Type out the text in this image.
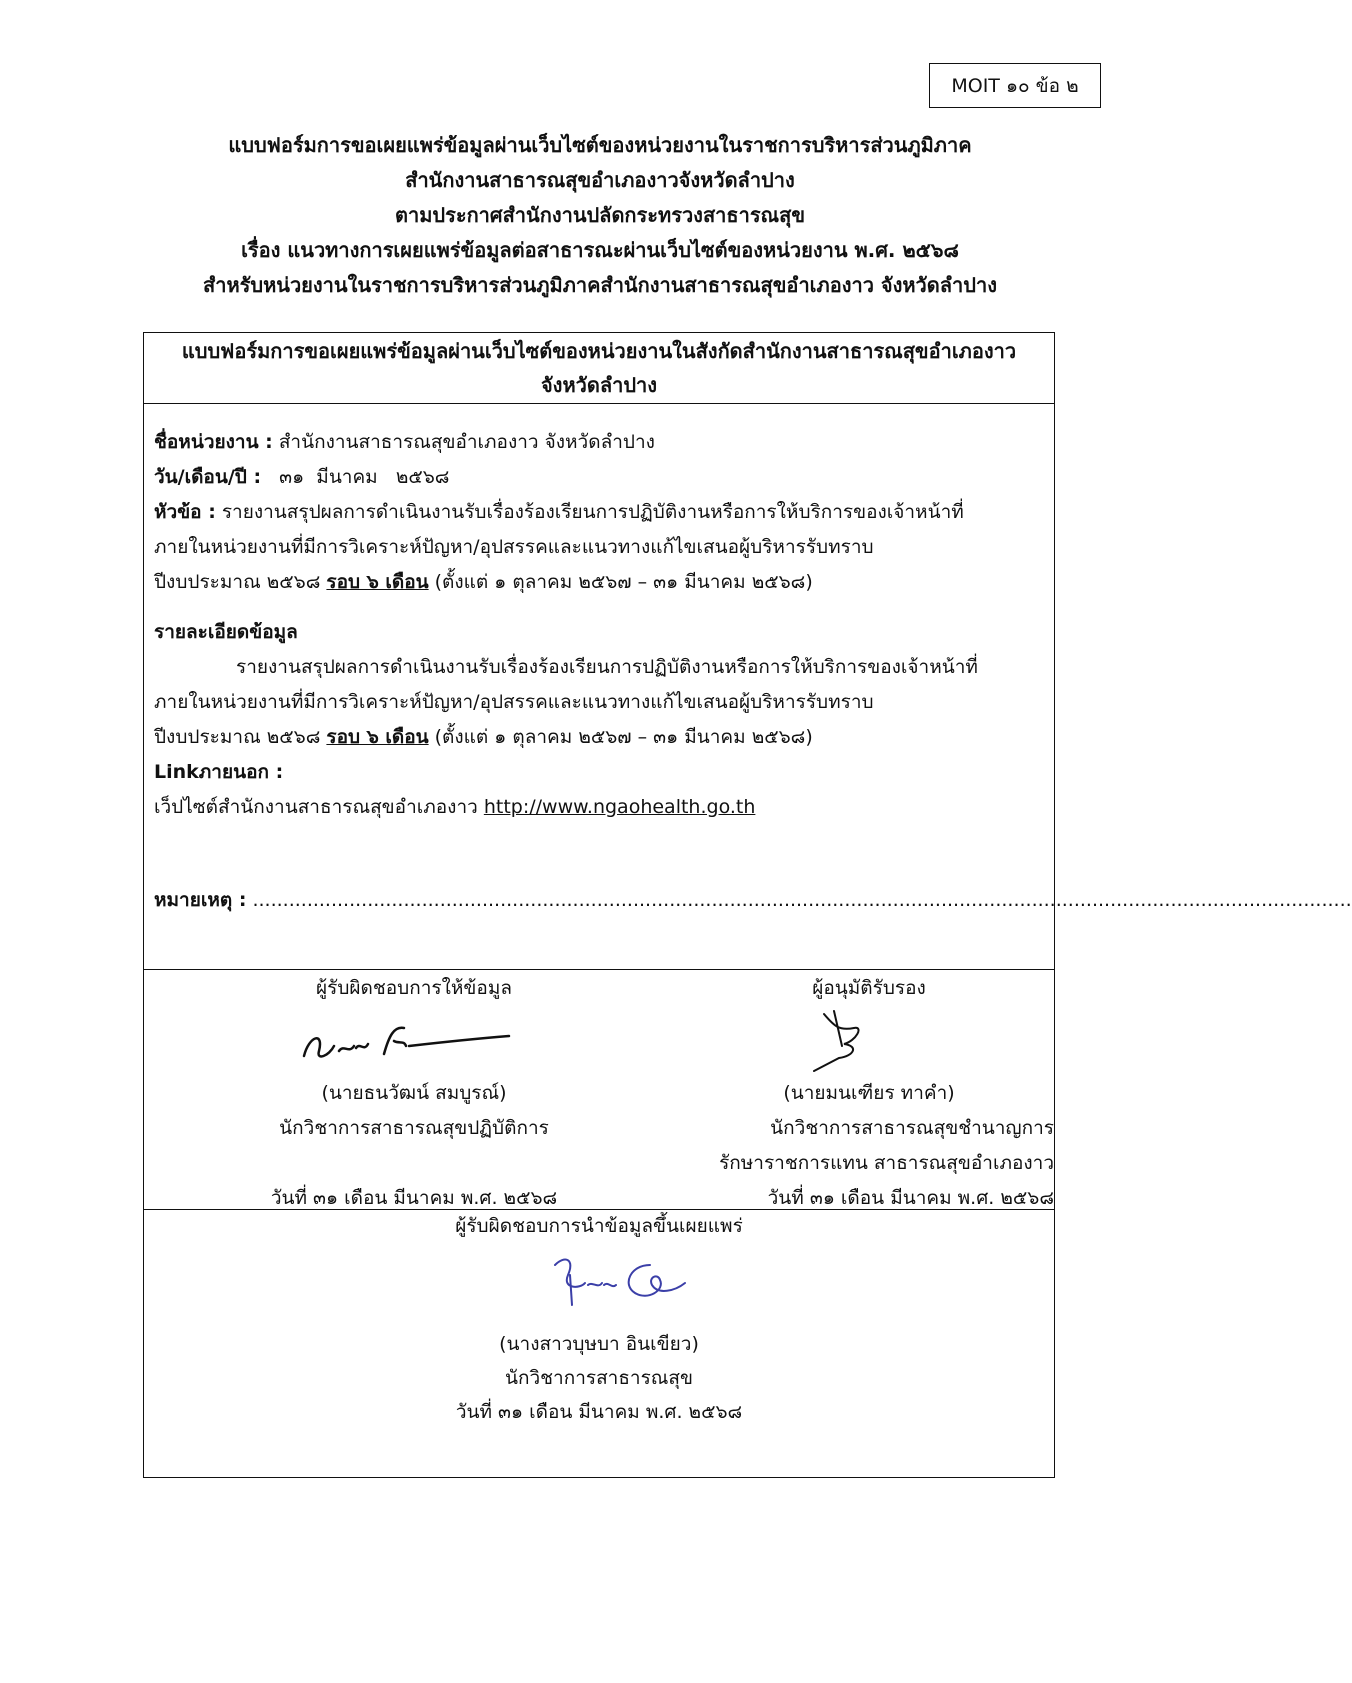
MOIT ๑๐ ข้อ ๒
แบบฟอร์มการขอเผยแพร่ข้อมูลผ่านเว็บไซต์ของหน่วยงานในราชการบริหารส่วนภูมิภาค
สำนักงานสาธารณสุขอำเภองาวจังหวัดลำปาง
ตามประกาศสำนักงานปลัดกระทรวงสาธารณสุข
เรื่อง แนวทางการเผยแพร่ข้อมูลต่อสาธารณะผ่านเว็บไซต์ของหน่วยงาน พ.ศ. ๒๕๖๘
สำหรับหน่วยงานในราชการบริหารส่วนภูมิภาคสำนักงานสาธารณสุขอำเภองาว จังหวัดลำปาง
แบบฟอร์มการขอเผยแพร่ข้อมูลผ่านเว็บไซต์ของหน่วยงานในสังกัดสำนักงานสาธารณสุขอำเภองาว
จังหวัดลำปาง
ชื่อหน่วยงาน : สำนักงานสาธารณสุขอำเภองาว จังหวัดลำปาง
วัน/เดือน/ปี :   ๓๑  มีนาคม   ๒๕๖๘
หัวข้อ : รายงานสรุปผลการดำเนินงานรับเรื่องร้องเรียนการปฏิบัติงานหรือการให้บริการของเจ้าหน้าที่
ภายในหน่วยงานที่มีการวิเคราะห์ปัญหา/อุปสรรคและแนวทางแก้ไขเสนอผู้บริหารรับทราบ
ปีงบประมาณ ๒๕๖๘ รอบ ๖ เดือน (ตั้งแต่ ๑ ตุลาคม ๒๕๖๗ – ๓๑ มีนาคม ๒๕๖๘)
รายละเอียดข้อมูล
รายงานสรุปผลการดำเนินงานรับเรื่องร้องเรียนการปฏิบัติงานหรือการให้บริการของเจ้าหน้าที่
ภายในหน่วยงานที่มีการวิเคราะห์ปัญหา/อุปสรรคและแนวทางแก้ไขเสนอผู้บริหารรับทราบ
ปีงบประมาณ ๒๕๖๘ รอบ ๖ เดือน (ตั้งแต่ ๑ ตุลาคม ๒๕๖๗ – ๓๑ มีนาคม ๒๕๖๘)
Linkภายนอก :
เว็ปไซต์สำนักงานสาธารณสุขอำเภองาว http://www.ngaohealth.go.th
หมายเหตุ : ......................................................................................................................................................................................
ผู้รับผิดชอบการให้ข้อมูล
(นายธนวัฒน์ สมบูรณ์)
นักวิชาการสาธารณสุขปฏิบัติการ
วันที่ ๓๑ เดือน มีนาคม พ.ศ. ๒๕๖๘
ผู้อนุมัติรับรอง
(นายมนเฑียร ทาคำ)
นักวิชาการสาธารณสุขชำนาญการ
รักษาราชการแทน สาธารณสุขอำเภองาว
วันที่ ๓๑ เดือน มีนาคม พ.ศ. ๒๕๖๘
ผู้รับผิดชอบการนำข้อมูลขึ้นเผยแพร่
(นางสาวบุษบา อินเขียว)
นักวิชาการสาธารณสุข
วันที่ ๓๑ เดือน มีนาคม พ.ศ. ๒๕๖๘
